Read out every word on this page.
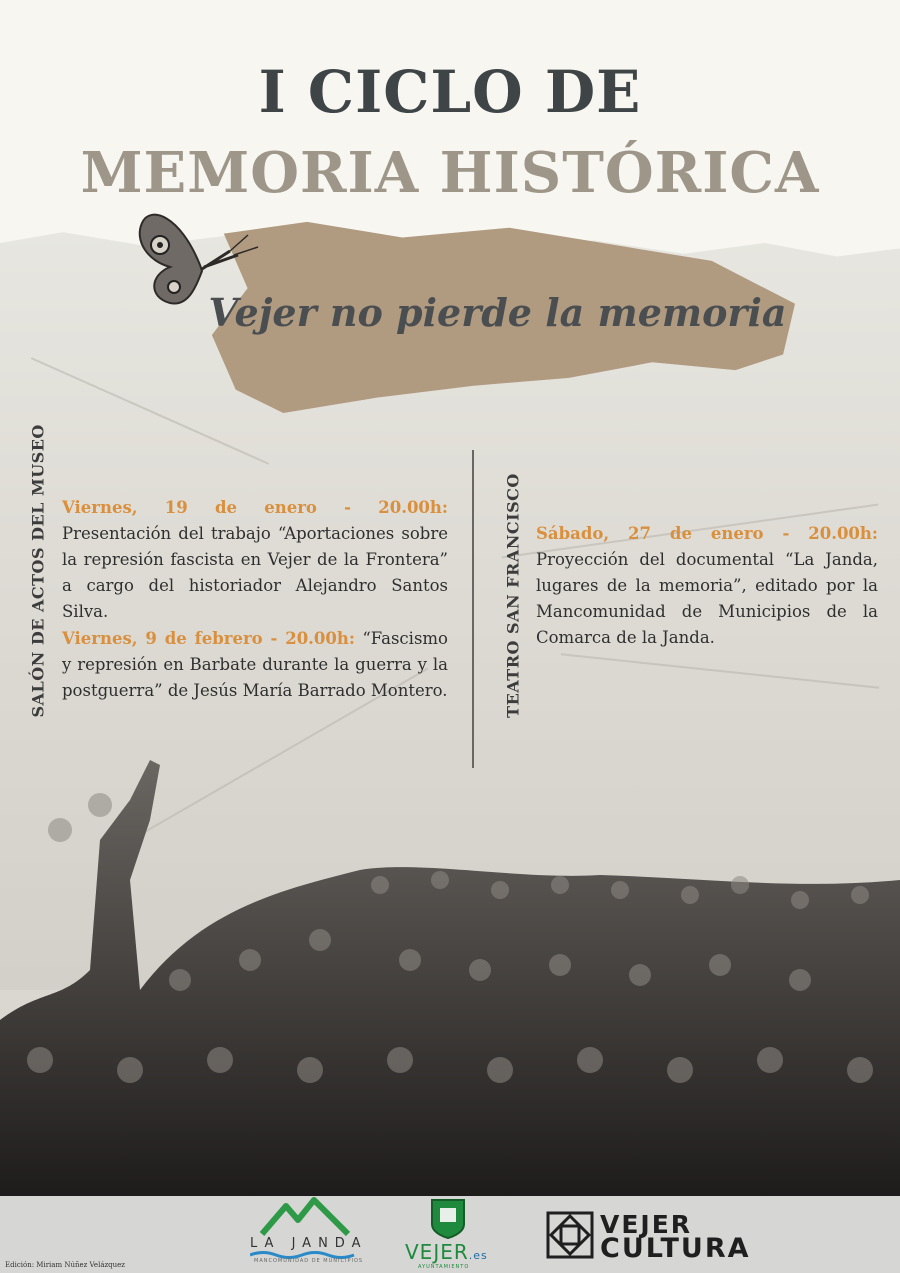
I CICLO DE
MEMORIA HISTÓRICA
Vejer no pierde la memoria
SALÓN DE ACTOS DEL MUSEO	TEATRO SAN FRANCISCO
Viernes, 19 de enero - 20.00h: Presentación del trabajo “Aportaciones sobre la represión fascista en Vejer de la Frontera” a cargo del historiador Alejandro Santos Silva.
Viernes, 9 de febrero - 20.00h: “Fascismo y represión en Barbate durante la guerra y la postguerra” de Jesús María Barrado Montero.
Sábado, 27 de enero - 20.00h: Proyección del documental “La Janda, lugares de la memoria”, editado por la Mancomunidad de Municipios de la Comarca de la Janda.
Edición: Miriam Núñez Velázquez
LA JANDA
MANCOMUNIDAD DE MUNICIPIOS VEJER.es
AYUNTAMIENTO
VEJER
CULTURA
